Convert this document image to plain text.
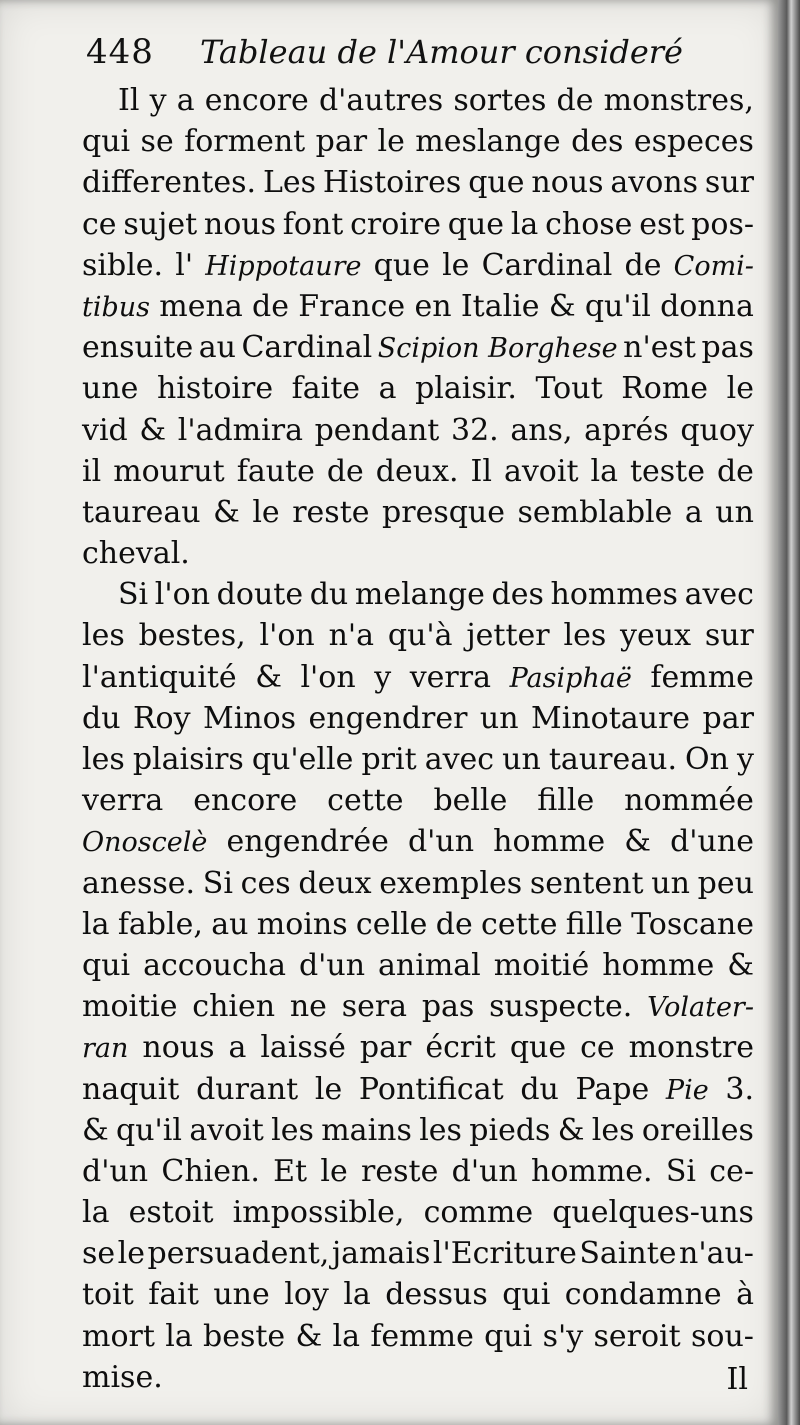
448 Tableau de l'Amour consideré
Il y a encore d'autres sortes de monstres,
qui se forment par le meslange des especes
differentes. Les Histoires que nous avons sur
ce sujet nous font croire que la chose est pos-
sible. l' Hippotaure que le Cardinal de Comi-
tibus mena de France en Italie & qu'il donna
ensuite au Cardinal Scipion Borghese n'est pas
une histoire faite a plaisir. Tout Rome le
vid & l'admira pendant 32. ans, aprés quoy
il mourut faute de deux. Il avoit la teste de
taureau & le reste presque semblable a un
cheval.
Si l'on doute du melange des hommes avec
les bestes, l'on n'a qu'à jetter les yeux sur
l'antiquité & l'on y verra Pasiphaë femme
du Roy Minos engendrer un Minotaure par
les plaisirs qu'elle prit avec un taureau. On y
verra encore cette belle fille nommée
Onoscelè engendrée d'un homme & d'une
anesse. Si ces deux exemples sentent un peu
la fable, au moins celle de cette fille Toscane
qui accoucha d'un animal moitié homme &
moitie chien ne sera pas suspecte. Volater-
ran nous a laissé par écrit que ce monstre
naquit durant le Pontificat du Pape Pie 3.
& qu'il avoit les mains les pieds & les oreilles
d'un Chien. Et le reste d'un homme. Si ce-
la estoit impossible, comme quelques-uns
se le persuadent, jamais l'Ecriture Sainte n'au-
toit fait une loy la dessus qui condamne à
mort la beste & la femme qui s'y seroit sou-
mise.	Il
